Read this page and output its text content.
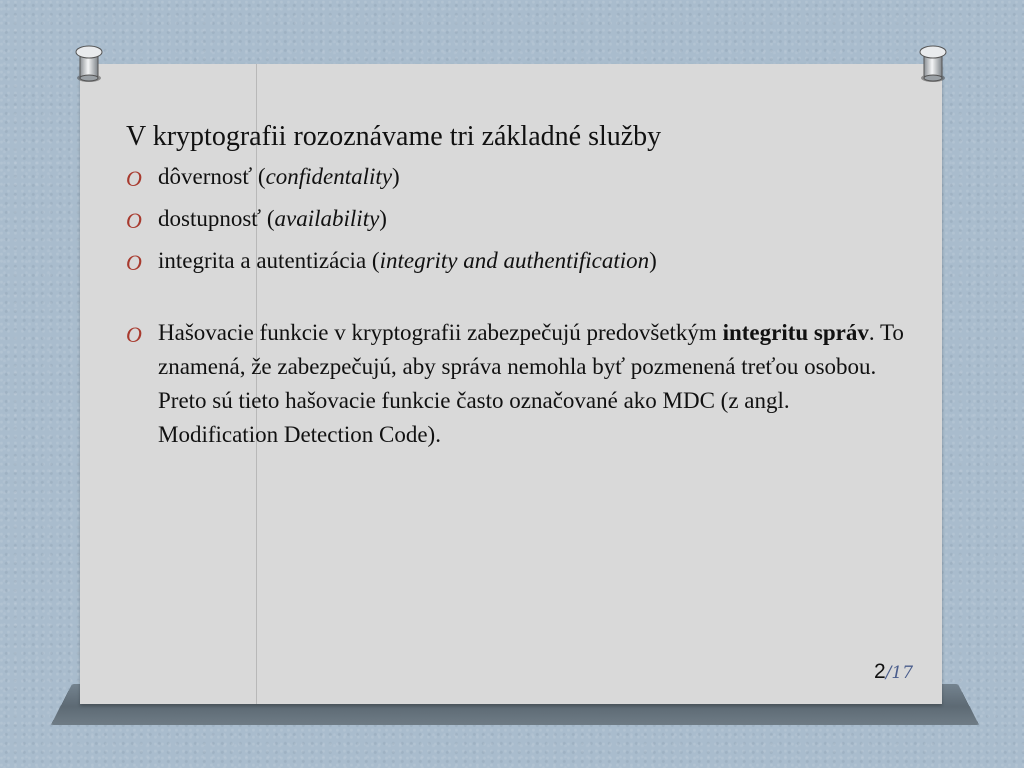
V kryptografii rozoznávame tri základné služby
O dôvernosť (confidentality)
O dostupnosť (availability)
O integrita a autentizácia (integrity and authentification)
O Hašovacie funkcie v kryptografii zabezpečujú predovšetkým integritu správ. To znamená, že zabezpečujú, aby správa nemohla byť pozmenená treťou osobou. Preto sú tieto hašovacie funkcie často označované ako MDC (z angl. Modification Detection Code).
2/17
